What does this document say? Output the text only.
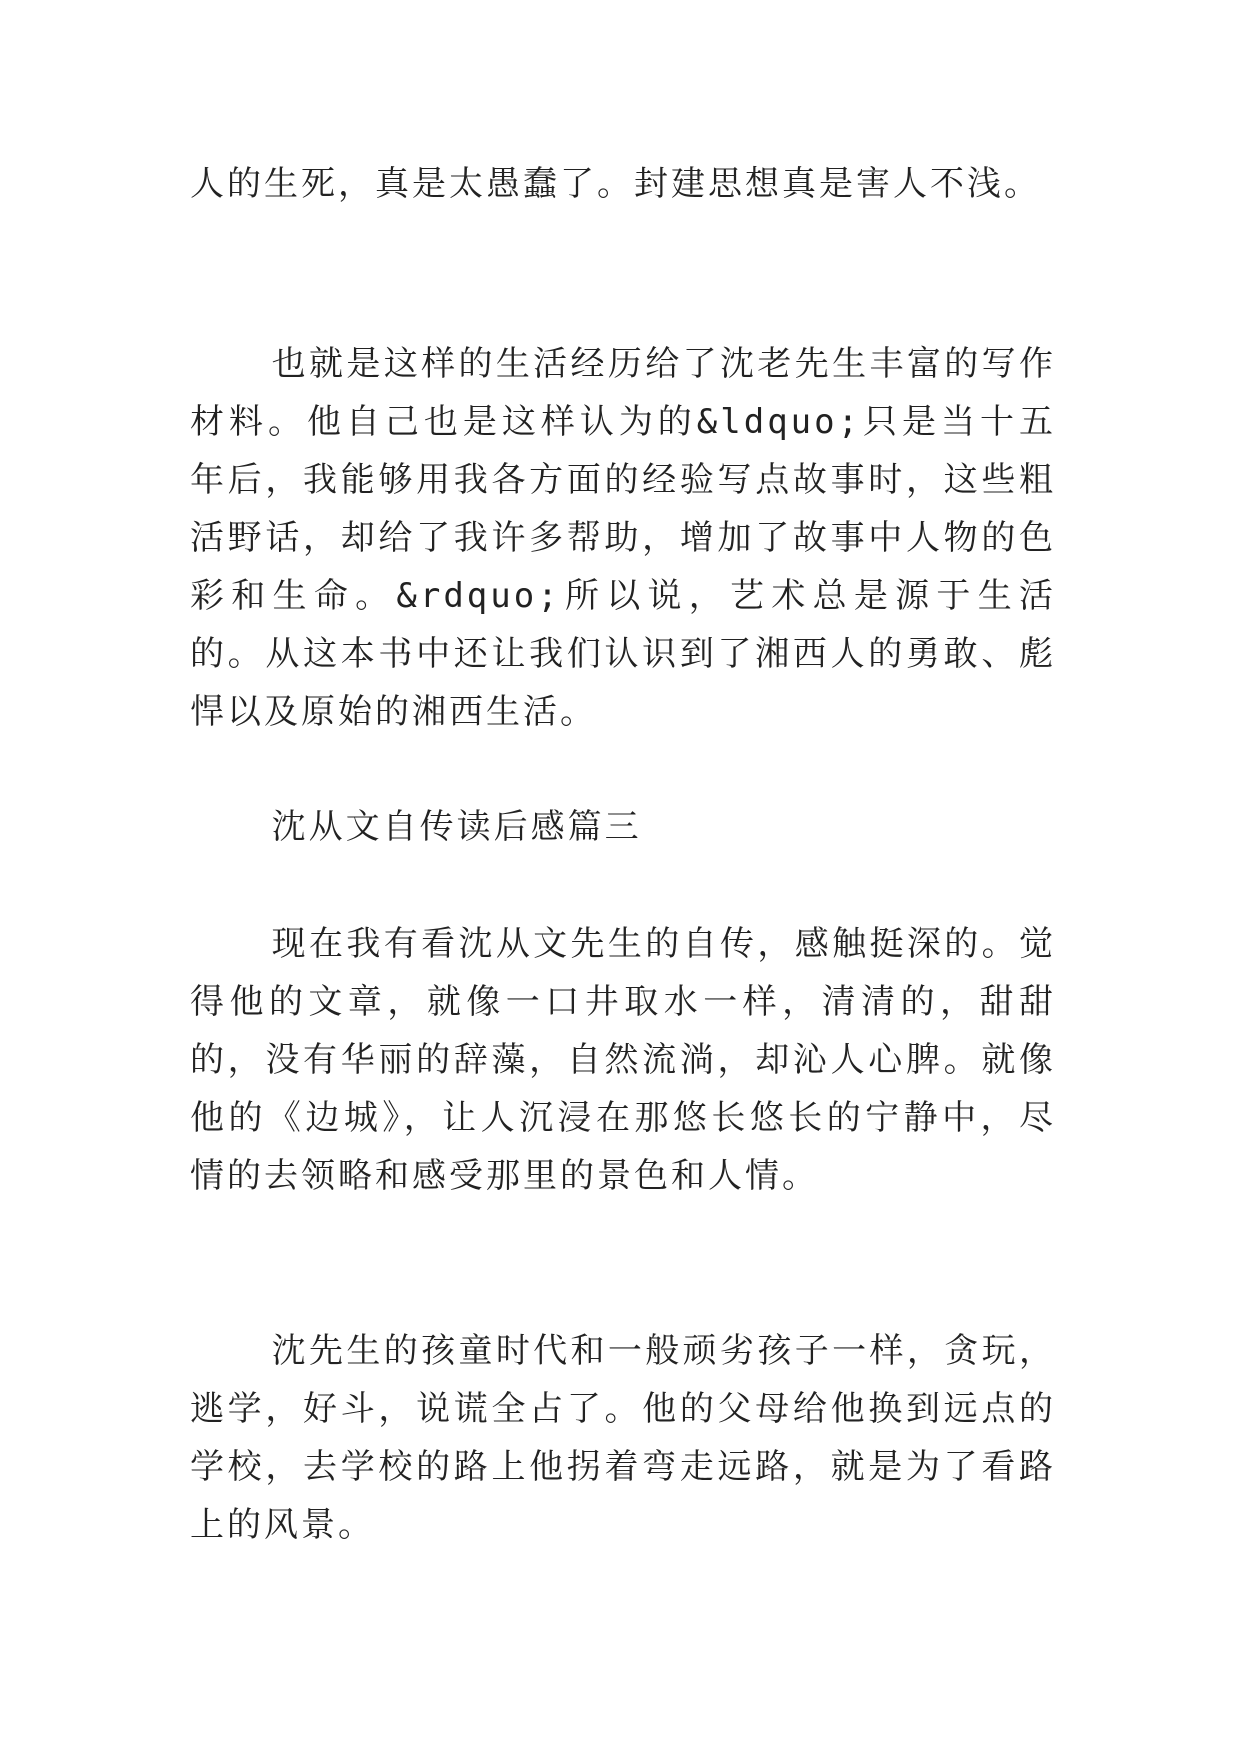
人的生死，真是太愚蠢了。封建思想真是害人不浅。

也就是这样的生活经历给了沈老先生丰富的写作材料。他自己也是这样认为的&ldquo;只是当十五年后，我能够用我各方面的经验写点故事时，这些粗活野话，却给了我许多帮助，增加了故事中人物的色彩和生命。&rdquo;所以说，艺术总是源于生活的。从这本书中还让我们认识到了湘西人的勇敢、彪悍以及原始的湘西生活。

沈从文自传读后感篇三

现在我有看沈从文先生的自传，感触挺深的。觉得他的文章，就像一口井取水一样，清清的，甜甜的，没有华丽的辞藻，自然流淌，却沁人心脾。就像他的《边城》，让人沉浸在那悠长悠长的宁静中，尽情的去领略和感受那里的景色和人情。

沈先生的孩童时代和一般顽劣孩子一样，贪玩，逃学，好斗，说谎全占了。他的父母给他换到远点的学校，去学校的路上他拐着弯走远路，就是为了看路上的风景。
